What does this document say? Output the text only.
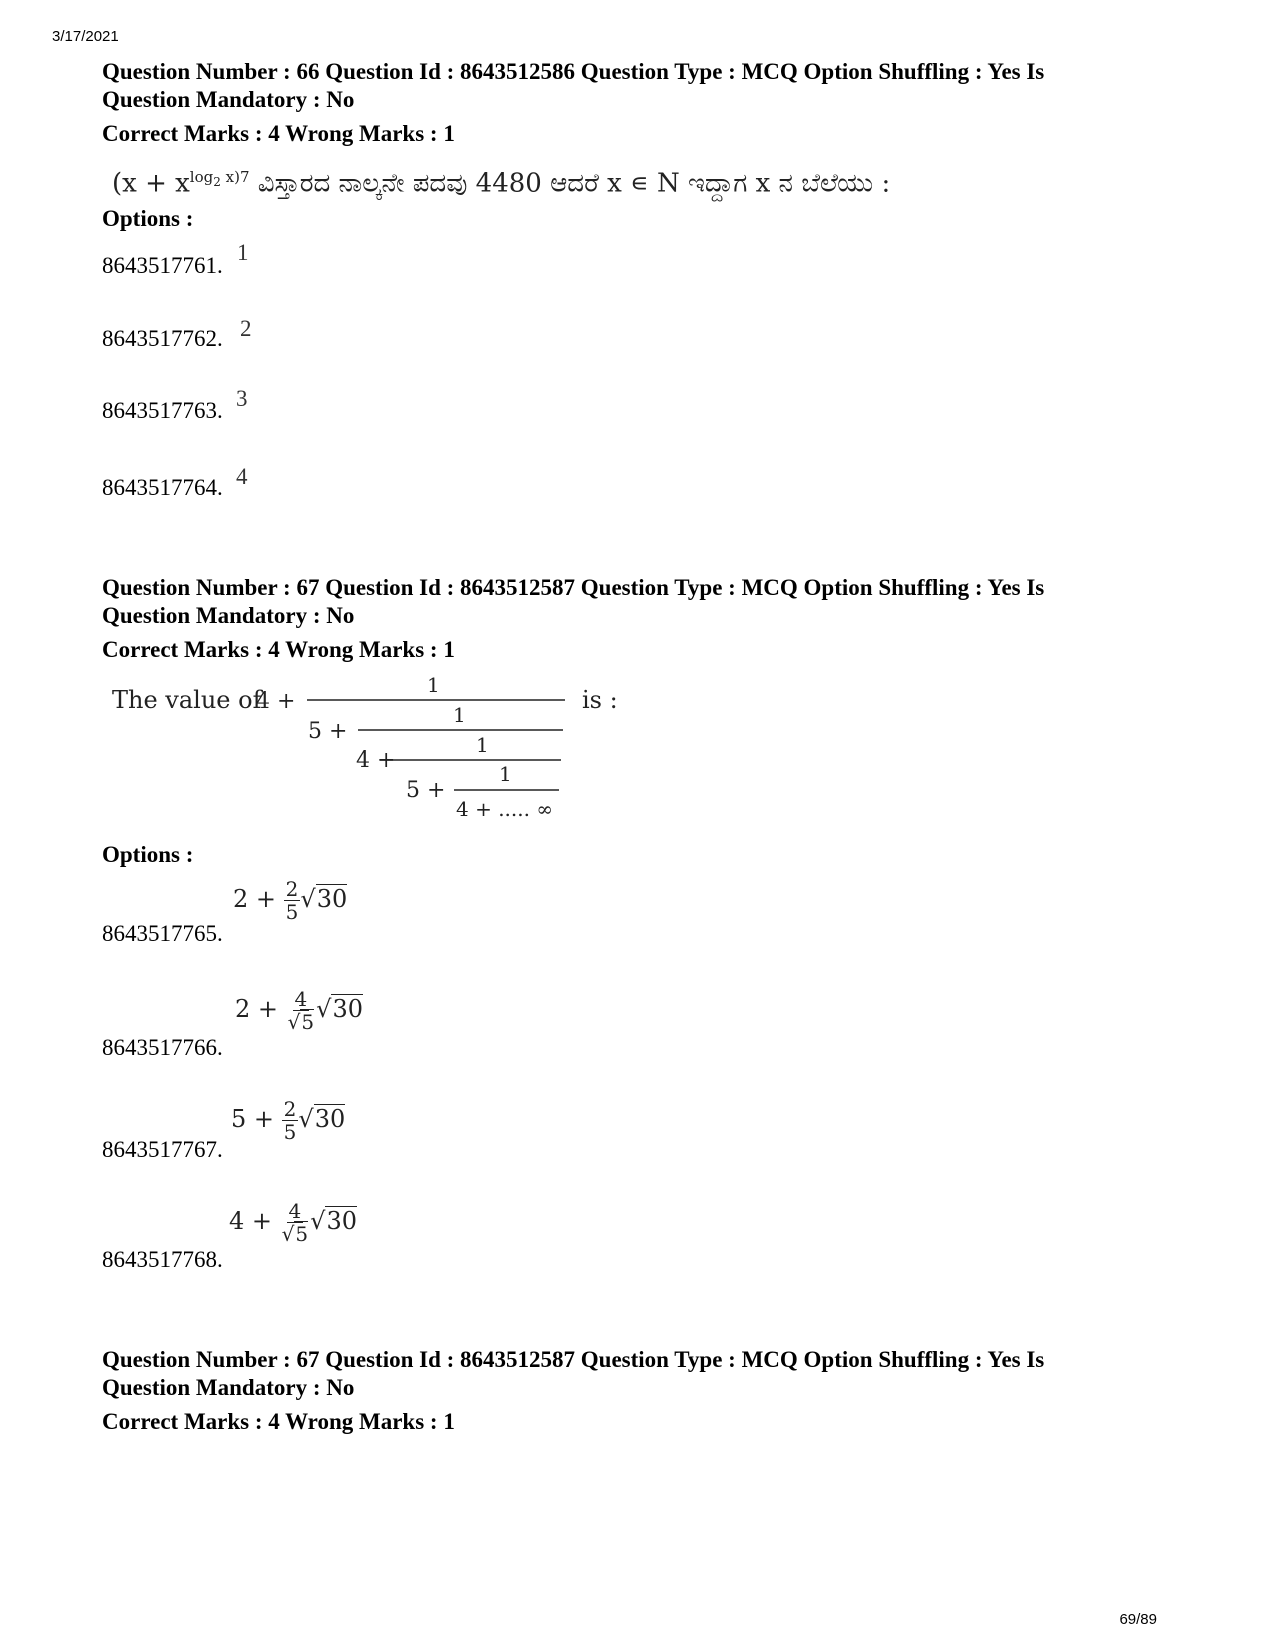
3/17/2021
Question Number : 66 Question Id : 8643512586 Question Type : MCQ Option Shuffling : Yes Is
Question Mandatory : No
Correct Marks : 4 Wrong Marks : 1
($x + x^{log_2 x)7}$ ವಿಸ್ತಾರದ ನಾಲ್ಕನೇ ಪದವು 4480 ಆದರೆ x ∊ N ಇದ್ದಾಗ x ನ ಬೆಲೆಯು :
Options :
8643517761.
1
8643517762. 2
8643517763. 3
8643517764. 4
Question Number : 67 Question Id : 8643512587 Question Type : MCQ Option Shuffling : Yes Is
Question Mandatory : No
Correct Marks : 4 Wrong Marks : 1
The value of
4 +
1
5 +
1
4 +
1
5 +
1
4 + ..... ∞
is :
Options :
8643517765.
$2 + \frac{2}{5} √30$
8643517766.
$2 + \frac{4}{√5} √30$
8643517767.
$5 + \frac{2}{5} √30$
8643517768.
$4 + \frac{4}{√5} √30$
Question Number : 67 Question Id : 8643512587 Question Type : MCQ Option Shuffling : Yes Is
Question Mandatory : No
Correct Marks : 4 Wrong Marks : 1
69/89
